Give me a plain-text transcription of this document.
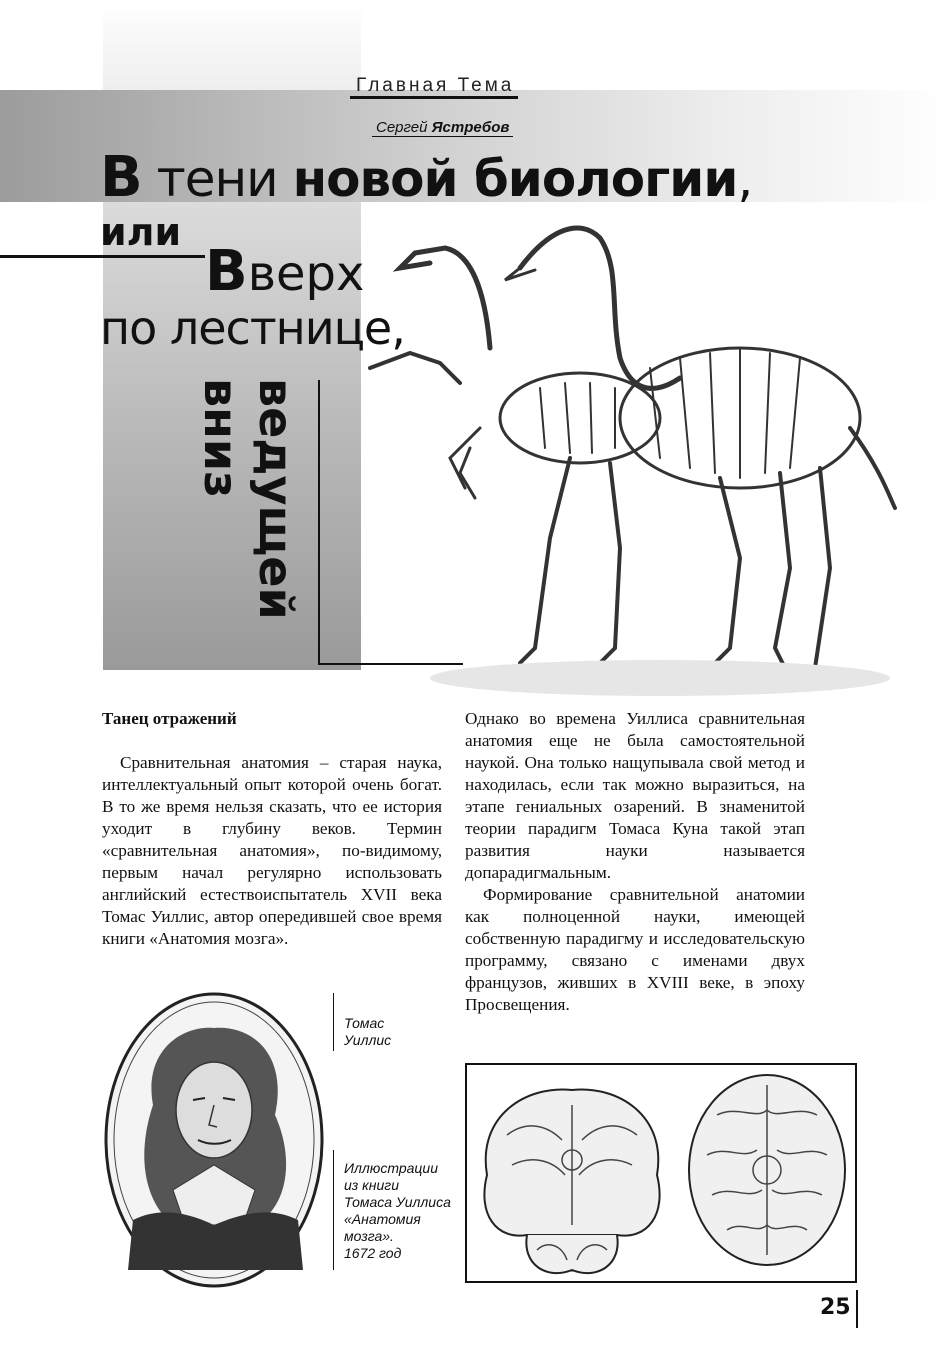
Главная Тема
Сергей Ястребов
В тени новой биологии,
или
Вверх
по лестнице,
вниз ведущей
Танец отражений

Сравнительная анатомия – старая наука, интеллектуальный опыт которой очень богат. В то же время нельзя сказать, что ее история уходит в глубину веков. Термин «сравнительная анатомия», по-видимому, первым начал регулярно использовать английский естествоиспытатель XVII века Томас Уиллис, автор опередившей свое время книги «Анатомия мозга».

Однако во времена Уиллиса сравнительная анатомия еще не была самостоятельной наукой. Она только нащупывала свой метод и находилась, если так можно выразиться, на этапе гениальных озарений. В знаменитой теории парадигм Томаса Куна такой этап развития науки называется допарадигмальным.

Формирование сравнительной анатомии как полноценной науки, имеющей собственную парадигму и исследовательскую программу, связано с именами двух французов, живших в XVIII веке, в эпоху Просвещения.

Томас
Уиллис
Иллюстрации
из книги
Томаса Уиллиса
«Анатомия
мозга».
1672 год
25
